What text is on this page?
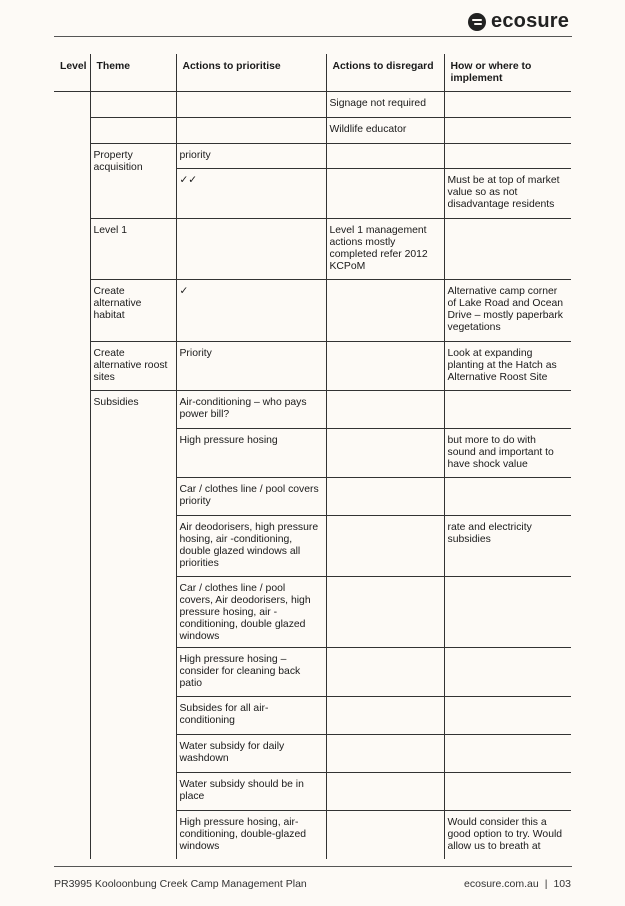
ecosure
Level	Theme	Actions to prioritise	Actions to disregard	How or where to implement
			Signage not required	
			Wildlife educator	
	Property acquisition	priority		
		✓✓		Must be at top of market value so as not disadvantage residents
	Level 1		Level 1 management actions mostly completed refer 2012 KCPoM	
	Create alternative habitat	✓		Alternative camp corner of Lake Road and Ocean Drive – mostly paperbark vegetations
	Create alternative roost sites	Priority		Look at expanding planting at the Hatch as Alternative Roost Site
	Subsidies	Air-conditioning – who pays power bill?		
		High pressure hosing		but more to do with sound and important to have shock value
		Car / clothes line / pool covers priority		
		Air deodorisers, high pressure hosing, air -conditioning, double glazed windows all priorities		rate and electricity subsidies
		Car / clothes line / pool covers, Air deodorisers, high pressure hosing, air -conditioning, double glazed windows		
		High pressure hosing – consider for cleaning back patio		
		Subsides for all air-conditioning		
		Water subsidy for daily washdown		
		Water subsidy should be in place		
		High pressure hosing, air-conditioning, double-glazed windows		Would consider this a good option to try. Would allow us to breath at
PR3995 Kooloonbung Creek Camp Management Plan	ecosure.com.au | 103
